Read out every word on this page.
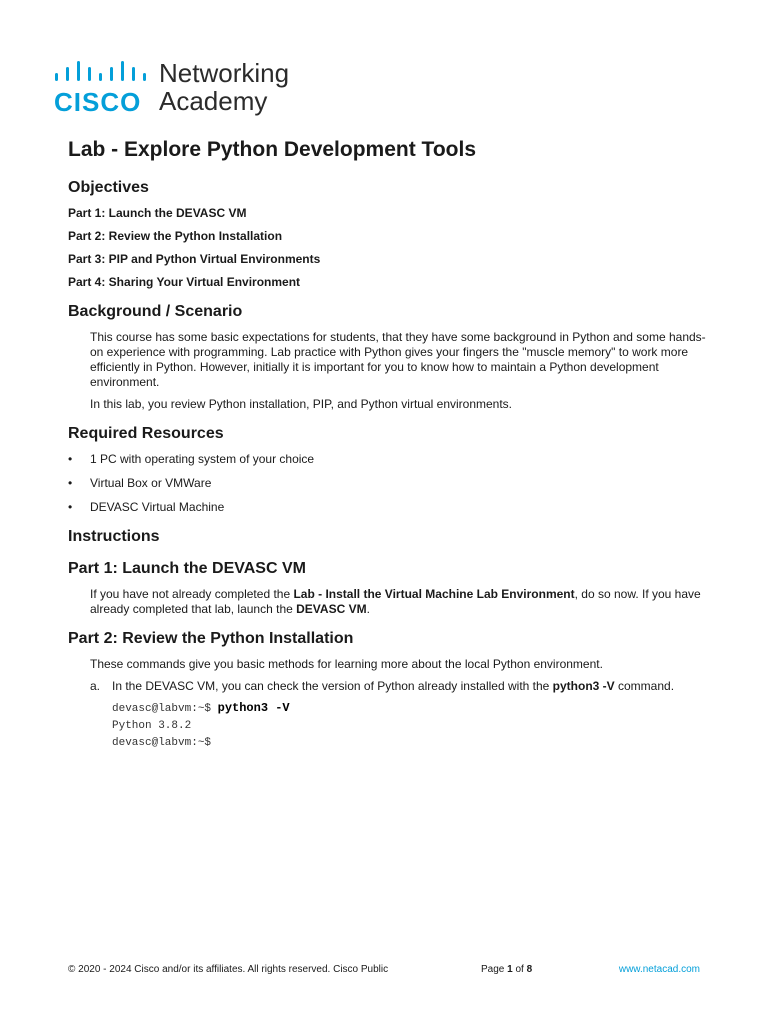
CISCO
Networking
Academy
Lab - Explore Python Development Tools
Objectives
Part 1: Launch the DEVASC VM
Part 2: Review the Python Installation
Part 3: PIP and Python Virtual Environments
Part 4: Sharing Your Virtual Environment
Background / Scenario

This course has some basic expectations for students, that they have some background in Python and some hands-on experience with programming. Lab practice with Python gives your fingers the "muscle memory" to work more efficiently in Python. However, initially it is important for you to know how to maintain a Python development environment.

In this lab, you review Python installation, PIP, and Python virtual environments.

Required Resources
• 1 PC with operating system of your choice
• Virtual Box or VMWare
• DEVASC Virtual Machine
Instructions
Part 1: Launch the DEVASC VM

If you have not already completed the Lab - Install the Virtual Machine Lab Environment, do so now. If you have already completed that lab, launch the DEVASC VM.

Part 2: Review the Python Installation

These commands give you basic methods for learning more about the local Python environment.

a. In the DEVASC VM, you can check the version of Python already installed with the python3 -V command.
devasc@labvm:~$ python3 -V
Python 3.8.2
devasc@labvm:~$
© 2020 - 2024 Cisco and/or its affiliates. All rights reserved. Cisco Public	Page 1 of 8	www.netacad.com
